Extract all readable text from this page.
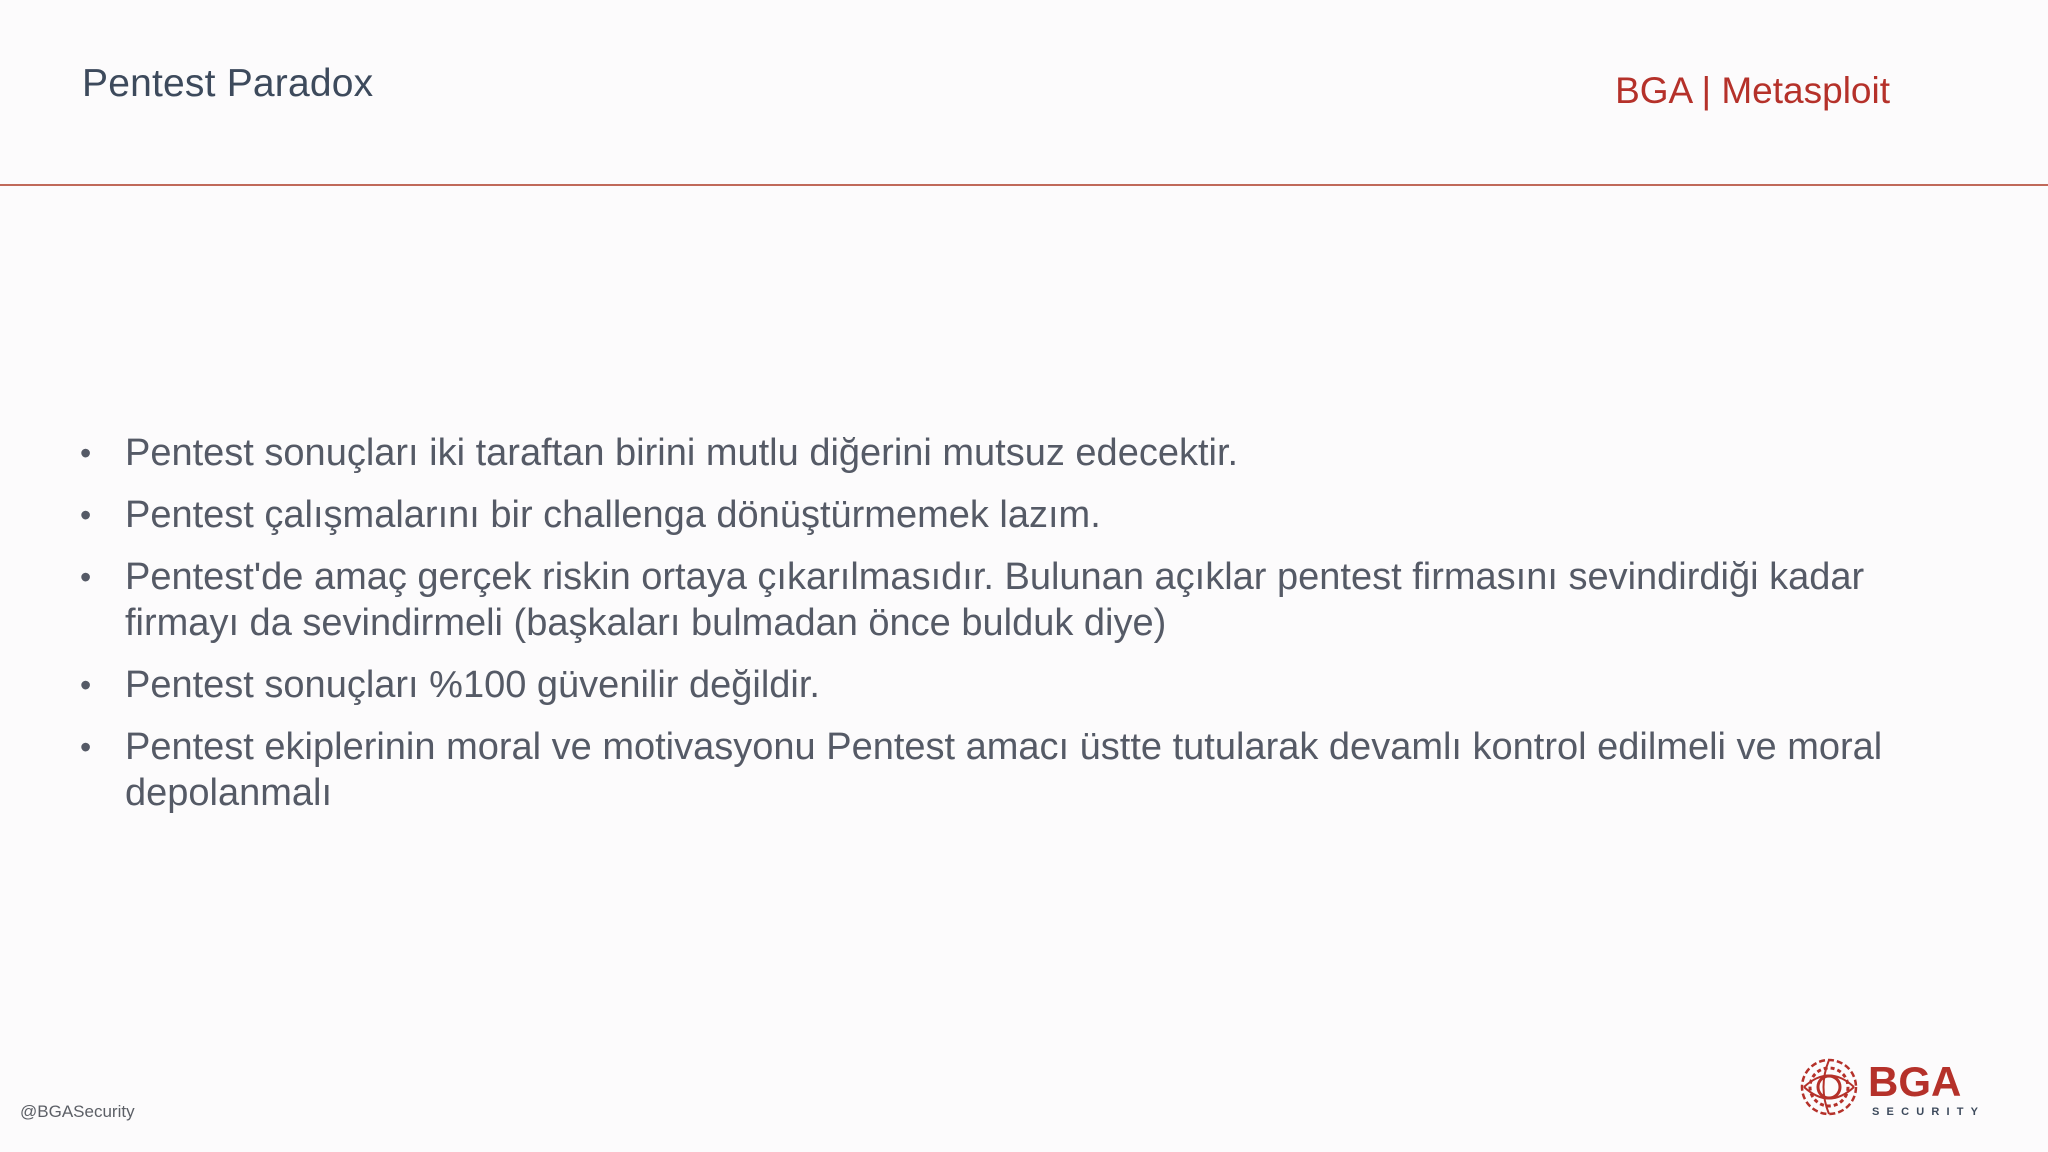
Pentest Paradox	BGA | Metasploit
• Pentest sonuçları iki taraftan birini mutlu diğerini mutsuz edecektir.
• Pentest çalışmalarını bir challenga dönüştürmemek lazım.
• Pentest'de amaç gerçek riskin ortaya çıkarılmasıdır. Bulunan açıklar pentest firmasını sevindirdiği kadar firmayı da sevindirmeli (başkaları bulmadan önce bulduk diye)
• Pentest sonuçları %100 güvenilir değildir.
• Pentest ekiplerinin moral ve motivasyonu Pentest amacı üstte tutularak devamlı kontrol edilmeli ve moral depolanmalı
@BGASecurity
BGA
SECURITY
